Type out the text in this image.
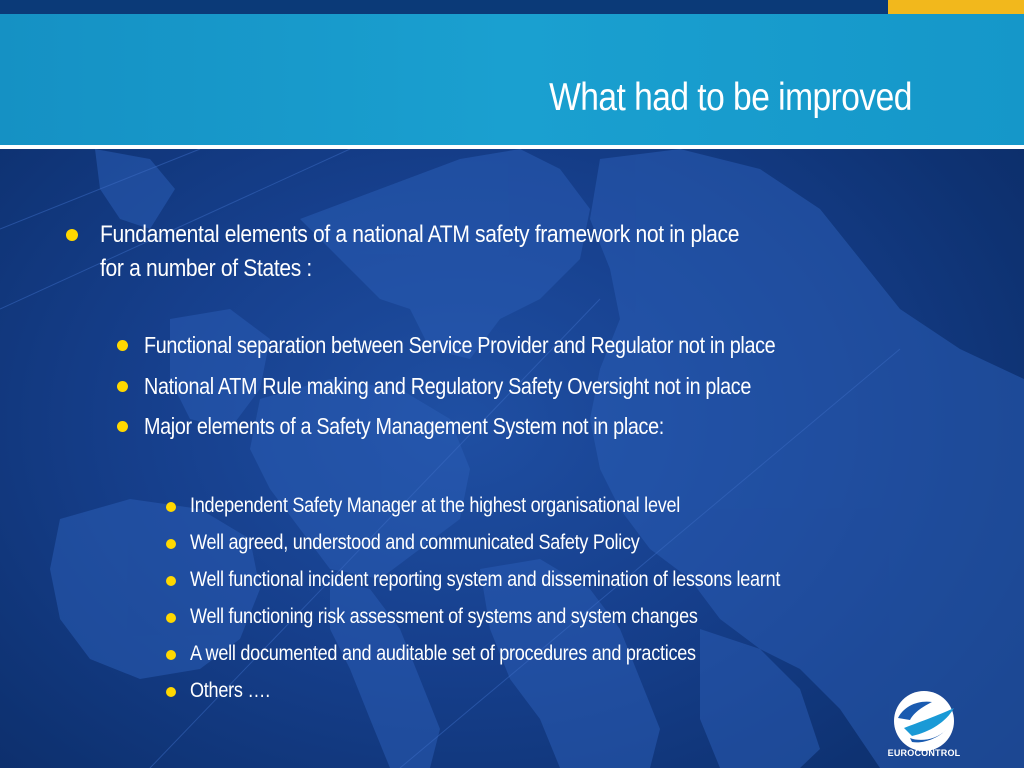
What had to be improved
Fundamental elements of a national ATM safety framework not in place
for a number of States :
Functional separation between Service Provider and Regulator not in place
National ATM Rule making and Regulatory Safety Oversight not in place
Major elements of a Safety Management System not in place:
Independent Safety Manager at the highest organisational level
Well agreed, understood and communicated Safety Policy
Well functional incident reporting system and dissemination of lessons learnt
Well functioning risk assessment of systems and system changes
A well documented and auditable set of procedures and practices
Others ….
EUROCONTROL
